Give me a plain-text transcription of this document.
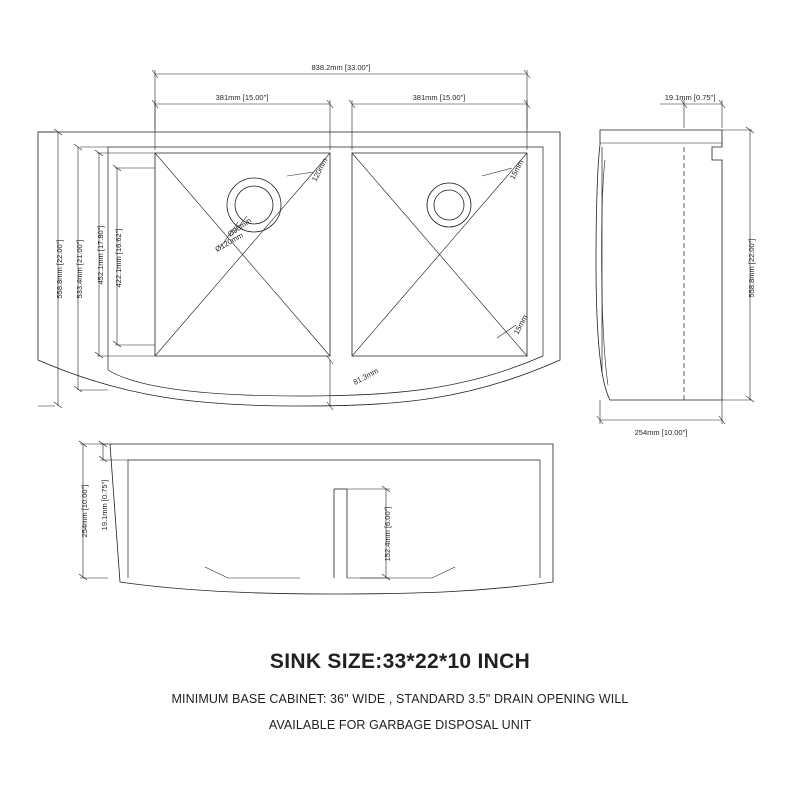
838.2mm [33.00"]
381mm [15.00"]	381mm [15.00"]
558.8mm [22.00"] 533.4mm [21.00"] 452.1mm [17.80"] 422.1mm [16.62"]
81.3mm
Ø120mm
Ø90mm
120mm	15mm
15mm
19.1mm [0.75"]
558.8mm [22.00"]
254mm [10.00"]
254mm [10.00"] 19.1mm [0.75"]
152.4mm [6.00"]
SINK SIZE:33*22*10 INCH
MINIMUM BASE CABINET: 36" WIDE , STANDARD 3.5" DRAIN OPENING WILL
AVAILABLE FOR GARBAGE DISPOSAL UNIT
